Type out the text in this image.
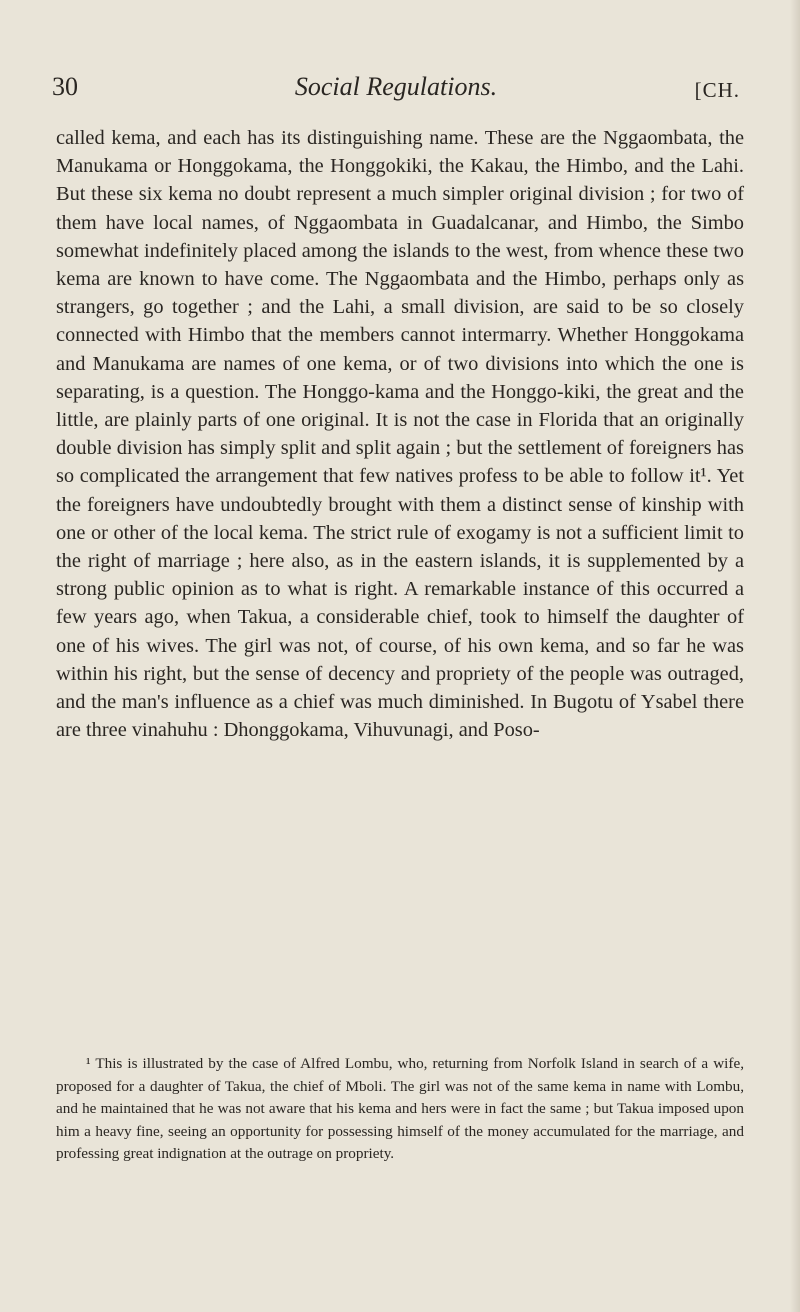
30	Social Regulations.	[CH.

called kema, and each has its distinguishing name. These are the Nggaombata, the Manukama or Honggokama, the Honggokiki, the Kakau, the Himbo, and the Lahi. But these six kema no doubt represent a much simpler original division ; for two of them have local names, of Nggaombata in Guadalcanar, and Himbo, the Simbo somewhat indefinitely placed among the islands to the west, from whence these two kema are known to have come. The Nggaombata and the Himbo, perhaps only as strangers, go together ; and the Lahi, a small division, are said to be so closely connected with Himbo that the members cannot intermarry. Whether Honggokama and Manukama are names of one kema, or of two divisions into which the one is separating, is a question. The Honggo-kama and the Honggo-kiki, the great and the little, are plainly parts of one original. It is not the case in Florida that an originally double division has simply split and split again ; but the settlement of foreigners has so complicated the arrangement that few natives profess to be able to follow it¹. Yet the foreigners have undoubtedly brought with them a distinct sense of kinship with one or other of the local kema. The strict rule of exogamy is not a sufficient limit to the right of marriage ; here also, as in the eastern islands, it is supplemented by a strong public opinion as to what is right. A remarkable instance of this occurred a few years ago, when Takua, a considerable chief, took to himself the daughter of one of his wives. The girl was not, of course, of his own kema, and so far he was within his right, but the sense of decency and propriety of the people was outraged, and the man's influence as a chief was much diminished. In Bugotu of Ysabel there are three vinahuhu : Dhonggokama, Vihuvunagi, and Poso-

¹ This is illustrated by the case of Alfred Lombu, who, returning from Norfolk Island in search of a wife, proposed for a daughter of Takua, the chief of Mboli. The girl was not of the same kema in name with Lombu, and he maintained that he was not aware that his kema and hers were in fact the same ; but Takua imposed upon him a heavy fine, seeing an opportunity for possessing himself of the money accumulated for the marriage, and professing great indignation at the outrage on propriety.
